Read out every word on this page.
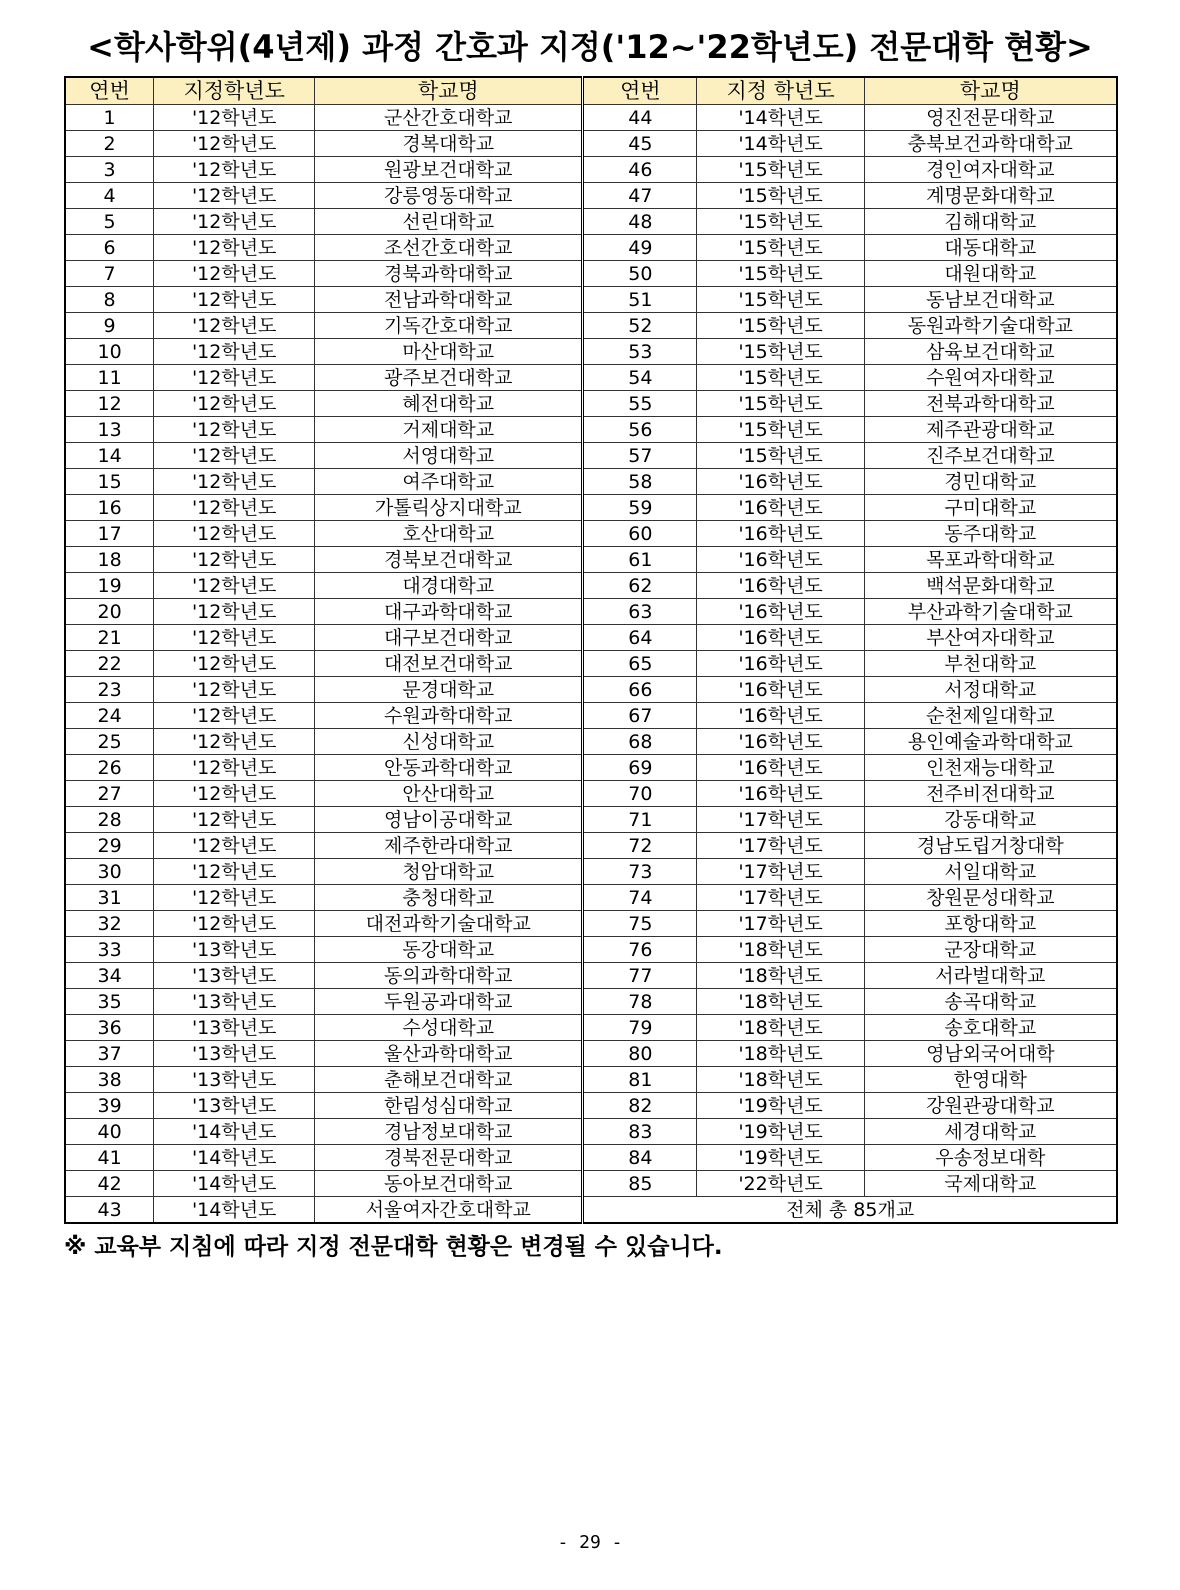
<학사학위(4년제) 과정 간호과 지정('12~'22학년도) 전문대학 현황>
연번	지정학년도	학교명	연번	지정 학년도	학교명
1	'12학년도	군산간호대학교	44	'14학년도	영진전문대학교
2	'12학년도	경복대학교	45	'14학년도	충북보건과학대학교
3	'12학년도	원광보건대학교	46	'15학년도	경인여자대학교
4	'12학년도	강릉영동대학교	47	'15학년도	계명문화대학교
5	'12학년도	선린대학교	48	'15학년도	김해대학교
6	'12학년도	조선간호대학교	49	'15학년도	대동대학교
7	'12학년도	경북과학대학교	50	'15학년도	대원대학교
8	'12학년도	전남과학대학교	51	'15학년도	동남보건대학교
9	'12학년도	기독간호대학교	52	'15학년도	동원과학기술대학교
10	'12학년도	마산대학교	53	'15학년도	삼육보건대학교
11	'12학년도	광주보건대학교	54	'15학년도	수원여자대학교
12	'12학년도	혜전대학교	55	'15학년도	전북과학대학교
13	'12학년도	거제대학교	56	'15학년도	제주관광대학교
14	'12학년도	서영대학교	57	'15학년도	진주보건대학교
15	'12학년도	여주대학교	58	'16학년도	경민대학교
16	'12학년도	가톨릭상지대학교	59	'16학년도	구미대학교
17	'12학년도	호산대학교	60	'16학년도	동주대학교
18	'12학년도	경북보건대학교	61	'16학년도	목포과학대학교
19	'12학년도	대경대학교	62	'16학년도	백석문화대학교
20	'12학년도	대구과학대학교	63	'16학년도	부산과학기술대학교
21	'12학년도	대구보건대학교	64	'16학년도	부산여자대학교
22	'12학년도	대전보건대학교	65	'16학년도	부천대학교
23	'12학년도	문경대학교	66	'16학년도	서정대학교
24	'12학년도	수원과학대학교	67	'16학년도	순천제일대학교
25	'12학년도	신성대학교	68	'16학년도	용인예술과학대학교
26	'12학년도	안동과학대학교	69	'16학년도	인천재능대학교
27	'12학년도	안산대학교	70	'16학년도	전주비전대학교
28	'12학년도	영남이공대학교	71	'17학년도	강동대학교
29	'12학년도	제주한라대학교	72	'17학년도	경남도립거창대학
30	'12학년도	청암대학교	73	'17학년도	서일대학교
31	'12학년도	충청대학교	74	'17학년도	창원문성대학교
32	'12학년도	대전과학기술대학교	75	'17학년도	포항대학교
33	'13학년도	동강대학교	76	'18학년도	군장대학교
34	'13학년도	동의과학대학교	77	'18학년도	서라벌대학교
35	'13학년도	두원공과대학교	78	'18학년도	송곡대학교
36	'13학년도	수성대학교	79	'18학년도	송호대학교
37	'13학년도	울산과학대학교	80	'18학년도	영남외국어대학
38	'13학년도	춘해보건대학교	81	'18학년도	한영대학
39	'13학년도	한림성심대학교	82	'19학년도	강원관광대학교
40	'14학년도	경남정보대학교	83	'19학년도	세경대학교
41	'14학년도	경북전문대학교	84	'19학년도	우송정보대학
42	'14학년도	동아보건대학교	85	'22학년도	국제대학교
43	'14학년도	서울여자간호대학교	전체 총 85개교		
※ 교육부 지침에 따라 지정 전문대학 현황은 변경될 수 있습니다.
- 29 -
